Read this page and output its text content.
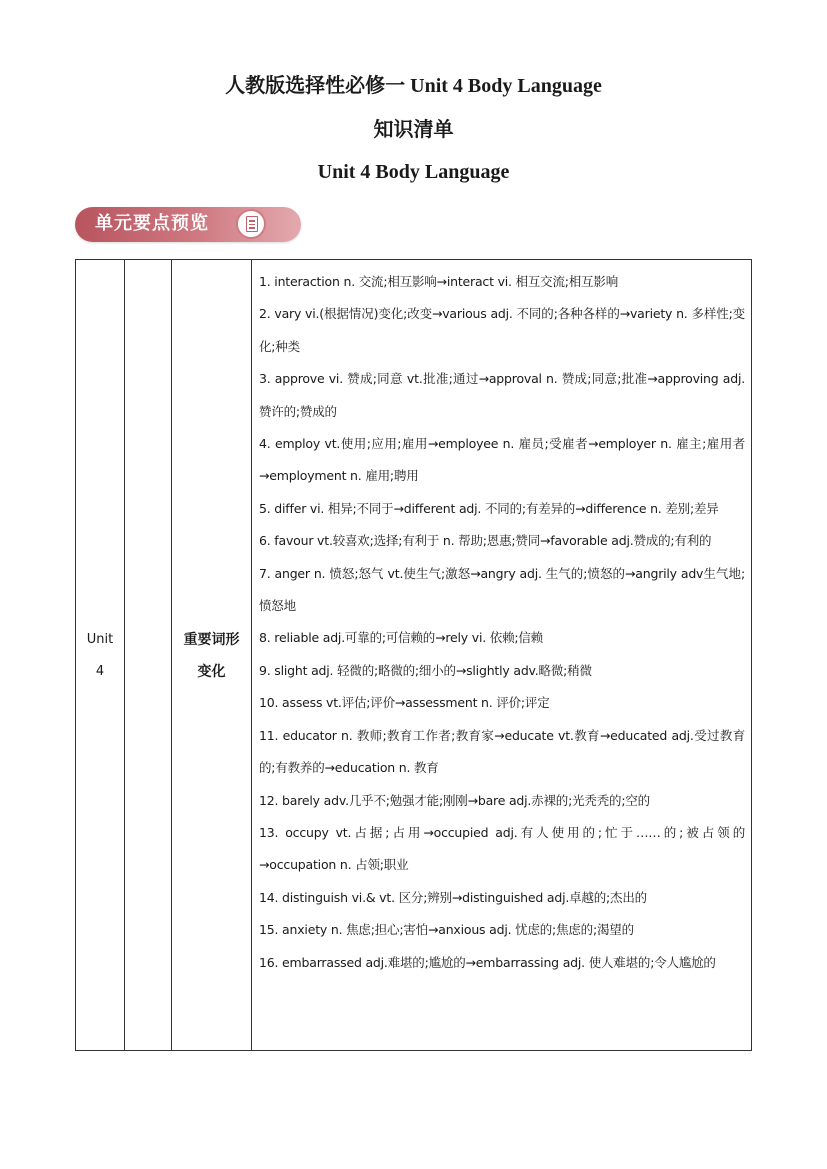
人教版选择性必修一 Unit 4 Body Language
知识清单
Unit 4 Body Language
单元要点预览
Unit
4
重要词形
变化

1. interaction n. 交流;相互影响→interact vi. 相互交流;相互影响

2. vary vi.(根据情况)变化;改变→various adj. 不同的;各种各样的→variety n. 多样性;变化;种类

3. approve vi. 赞成;同意 vt.批准;通过→approval n. 赞成;同意;批准→approving adj.赞许的;赞成的

4. employ vt.使用;应用;雇用→employee n. 雇员;受雇者→employer n. 雇主;雇用者→employment n. 雇用;聘用

5. differ vi. 相异;不同于→different adj. 不同的;有差异的→difference n. 差别;差异

6. favour vt.较喜欢;选择;有利于 n. 帮助;恩惠;赞同→favorable adj.赞成的;有利的

7. anger n. 愤怒;怒气 vt.使生气;激怒→angry adj. 生气的;愤怒的→angrily adv生气地;愤怒地

8. reliable adj.可靠的;可信赖的→rely vi. 依赖;信赖

9. slight adj. 轻微的;略微的;细小的→slightly adv.略微;稍微

10. assess vt.评估;评价→assessment n. 评价;评定

11. educator n. 教师;教育工作者;教育家→educate vt.教育→educated adj.受过教育的;有教养的→education n. 教育

12. barely adv.几乎不;勉强才能;刚刚→bare adj.赤裸的;光秃秃的;空的

13. occupy vt.占据;占用→occupied adj.有人使用的;忙于……的;被占领的→occupation n. 占领;职业

14. distinguish vi.& vt. 区分;辨别→distinguished adj.卓越的;杰出的

15. anxiety n. 焦虑;担心;害怕→anxious adj. 忧虑的;焦虑的;渴望的

16. embarrassed adj.难堪的;尴尬的→embarrassing adj. 使人难堪的;令人尴尬的
